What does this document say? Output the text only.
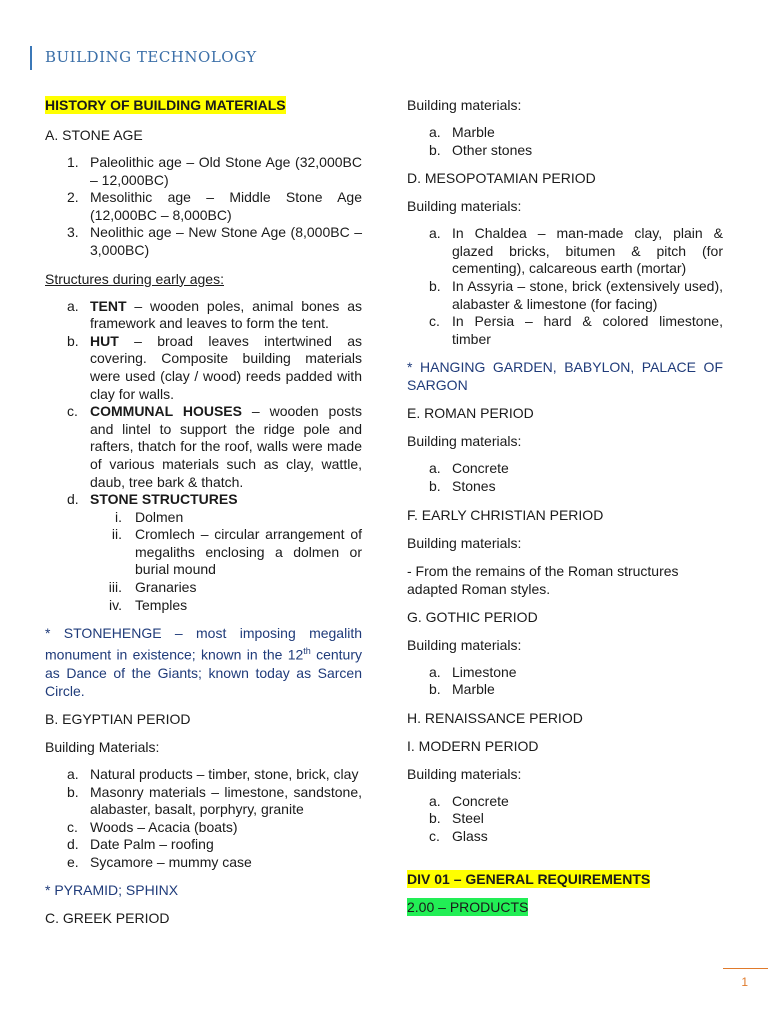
BUILDING TECHNOLOGY
HISTORY OF BUILDING MATERIALS

A. STONE AGE

1. Paleolithic age – Old Stone Age (32,000BC – 12,000BC)
2. Mesolithic age – Middle Stone Age (12,000BC – 8,000BC)
3. Neolithic age – New Stone Age (8,000BC – 3,000BC)

Structures during early ages:

a. TENT – wooden poles, animal bones as framework and leaves to form the tent.
b. HUT – broad leaves intertwined as covering. Composite building materials were used (clay / wood) reeds padded with clay for walls.
c. COMMUNAL HOUSES – wooden posts and lintel to support the ridge pole and rafters, thatch for the roof, walls were made of various materials such as clay, wattle, daub, tree bark & thatch.
d. STONE STRUCTURES
i. Dolmen
ii. Cromlech – circular arrangement of megaliths enclosing a dolmen or burial mound
iii. Granaries
iv. Temples

* STONEHENGE – most imposing megalith monument in existence; known in the 12th century as Dance of the Giants; known today as Sarcen Circle.

B. EGYPTIAN PERIOD

Building Materials:

a. Natural products – timber, stone, brick, clay
b. Masonry materials – limestone, sandstone, alabaster, basalt, porphyry, granite
c. Woods – Acacia (boats)
d. Date Palm – roofing
e. Sycamore – mummy case

* PYRAMID; SPHINX

C. GREEK PERIOD

Building materials:

a. Marble
b. Other stones

D. MESOPOTAMIAN PERIOD

Building materials:

a. In Chaldea – man-made clay, plain & glazed bricks, bitumen & pitch (for cementing), calcareous earth (mortar)
b. In Assyria – stone, brick (extensively used), alabaster & limestone (for facing)
c. In Persia – hard & colored limestone, timber

* HANGING GARDEN, BABYLON, PALACE OF SARGON

E. ROMAN PERIOD

Building materials:

a. Concrete
b. Stones

F. EARLY CHRISTIAN PERIOD

Building materials:

- From the remains of the Roman structures adapted Roman styles.

G. GOTHIC PERIOD

Building materials:

a. Limestone
b. Marble

H. RENAISSANCE PERIOD

I. MODERN PERIOD

Building materials:

a. Concrete
b. Steel
c. Glass
DIV 01 – GENERAL REQUIREMENTS
2.00 – PRODUCTS
1
